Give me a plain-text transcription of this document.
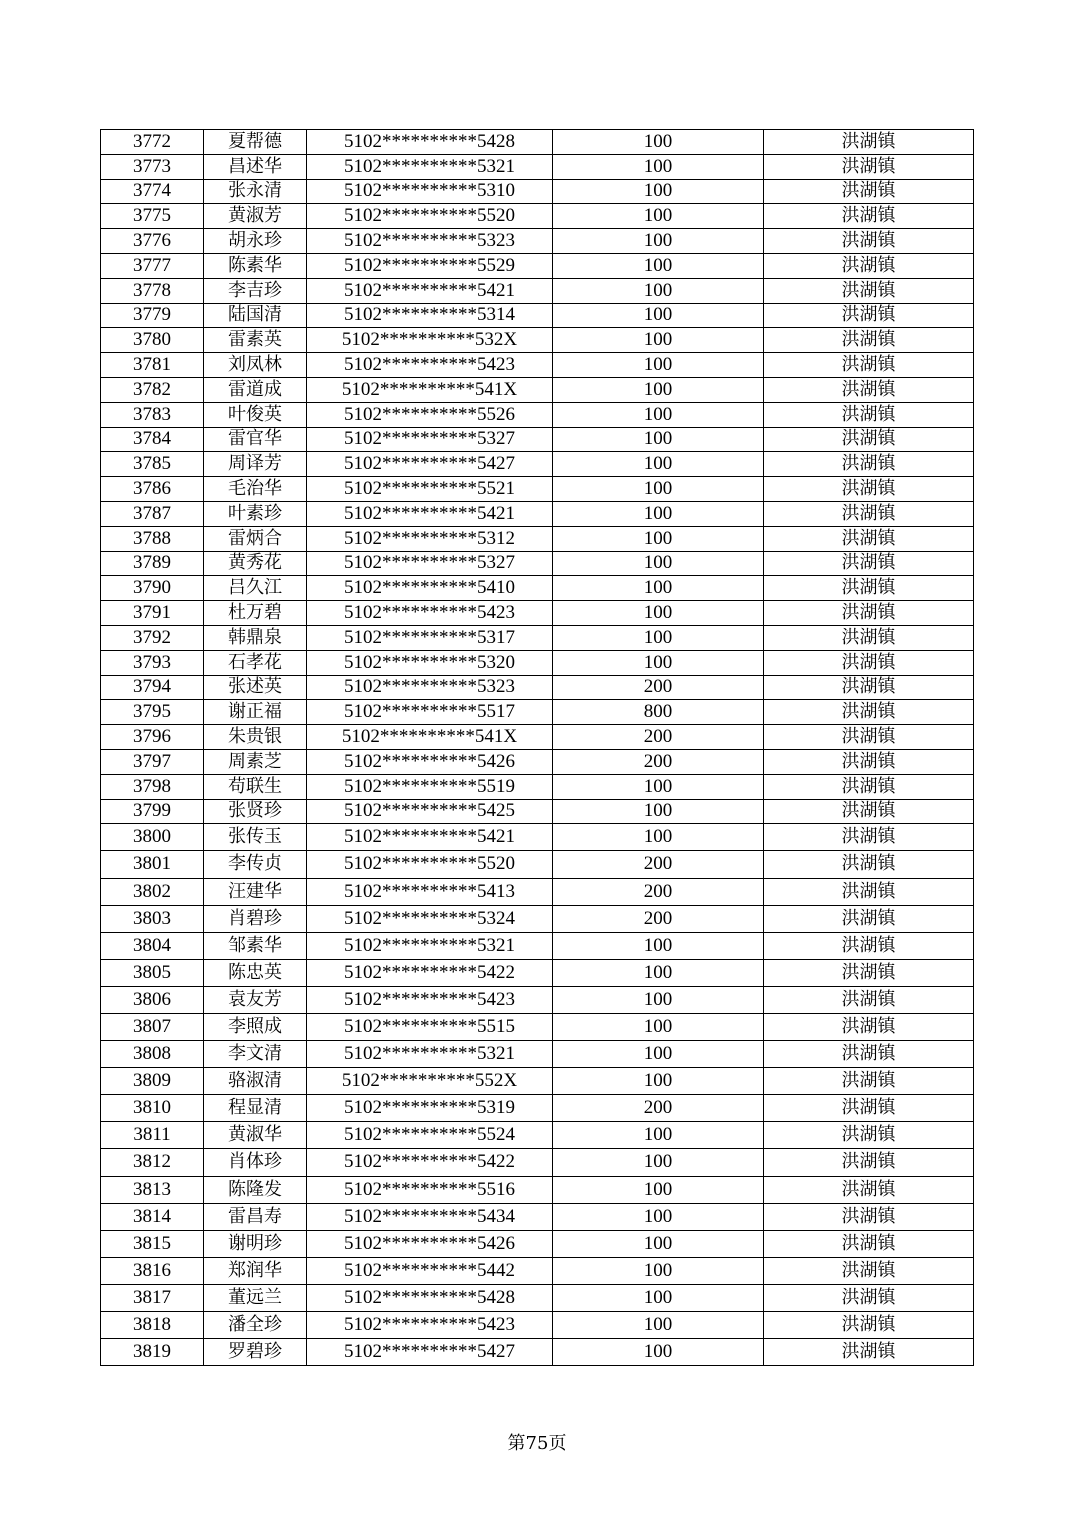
3772	夏帮德	5102**********5428	100	洪湖镇
3773	昌述华	5102**********5321	100	洪湖镇
3774	张永清	5102**********5310	100	洪湖镇
3775	黄淑芳	5102**********5520	100	洪湖镇
3776	胡永珍	5102**********5323	100	洪湖镇
3777	陈素华	5102**********5529	100	洪湖镇
3778	李吉珍	5102**********5421	100	洪湖镇
3779	陆国清	5102**********5314	100	洪湖镇
3780	雷素英	5102**********532X	100	洪湖镇
3781	刘凤林	5102**********5423	100	洪湖镇
3782	雷道成	5102**********541X	100	洪湖镇
3783	叶俊英	5102**********5526	100	洪湖镇
3784	雷官华	5102**********5327	100	洪湖镇
3785	周译芳	5102**********5427	100	洪湖镇
3786	毛治华	5102**********5521	100	洪湖镇
3787	叶素珍	5102**********5421	100	洪湖镇
3788	雷炳合	5102**********5312	100	洪湖镇
3789	黄秀花	5102**********5327	100	洪湖镇
3790	吕久江	5102**********5410	100	洪湖镇
3791	杜万碧	5102**********5423	100	洪湖镇
3792	韩鼎泉	5102**********5317	100	洪湖镇
3793	石孝花	5102**********5320	100	洪湖镇
3794	张述英	5102**********5323	200	洪湖镇
3795	谢正福	5102**********5517	800	洪湖镇
3796	朱贵银	5102**********541X	200	洪湖镇
3797	周素芝	5102**********5426	200	洪湖镇
3798	苟联生	5102**********5519	100	洪湖镇
3799	张贤珍	5102**********5425	100	洪湖镇
3800	张传玉	5102**********5421	100	洪湖镇
3801	李传贞	5102**********5520	200	洪湖镇
3802	汪建华	5102**********5413	200	洪湖镇
3803	肖碧珍	5102**********5324	200	洪湖镇
3804	邹素华	5102**********5321	100	洪湖镇
3805	陈忠英	5102**********5422	100	洪湖镇
3806	袁友芳	5102**********5423	100	洪湖镇
3807	李照成	5102**********5515	100	洪湖镇
3808	李文清	5102**********5321	100	洪湖镇
3809	骆淑清	5102**********552X	100	洪湖镇
3810	程显清	5102**********5319	200	洪湖镇
3811	黄淑华	5102**********5524	100	洪湖镇
3812	肖体珍	5102**********5422	100	洪湖镇
3813	陈隆发	5102**********5516	100	洪湖镇
3814	雷昌寿	5102**********5434	100	洪湖镇
3815	谢明珍	5102**********5426	100	洪湖镇
3816	郑润华	5102**********5442	100	洪湖镇
3817	董远兰	5102**********5428	100	洪湖镇
3818	潘全珍	5102**********5423	100	洪湖镇
3819	罗碧珍	5102**********5427	100	洪湖镇
第75页
